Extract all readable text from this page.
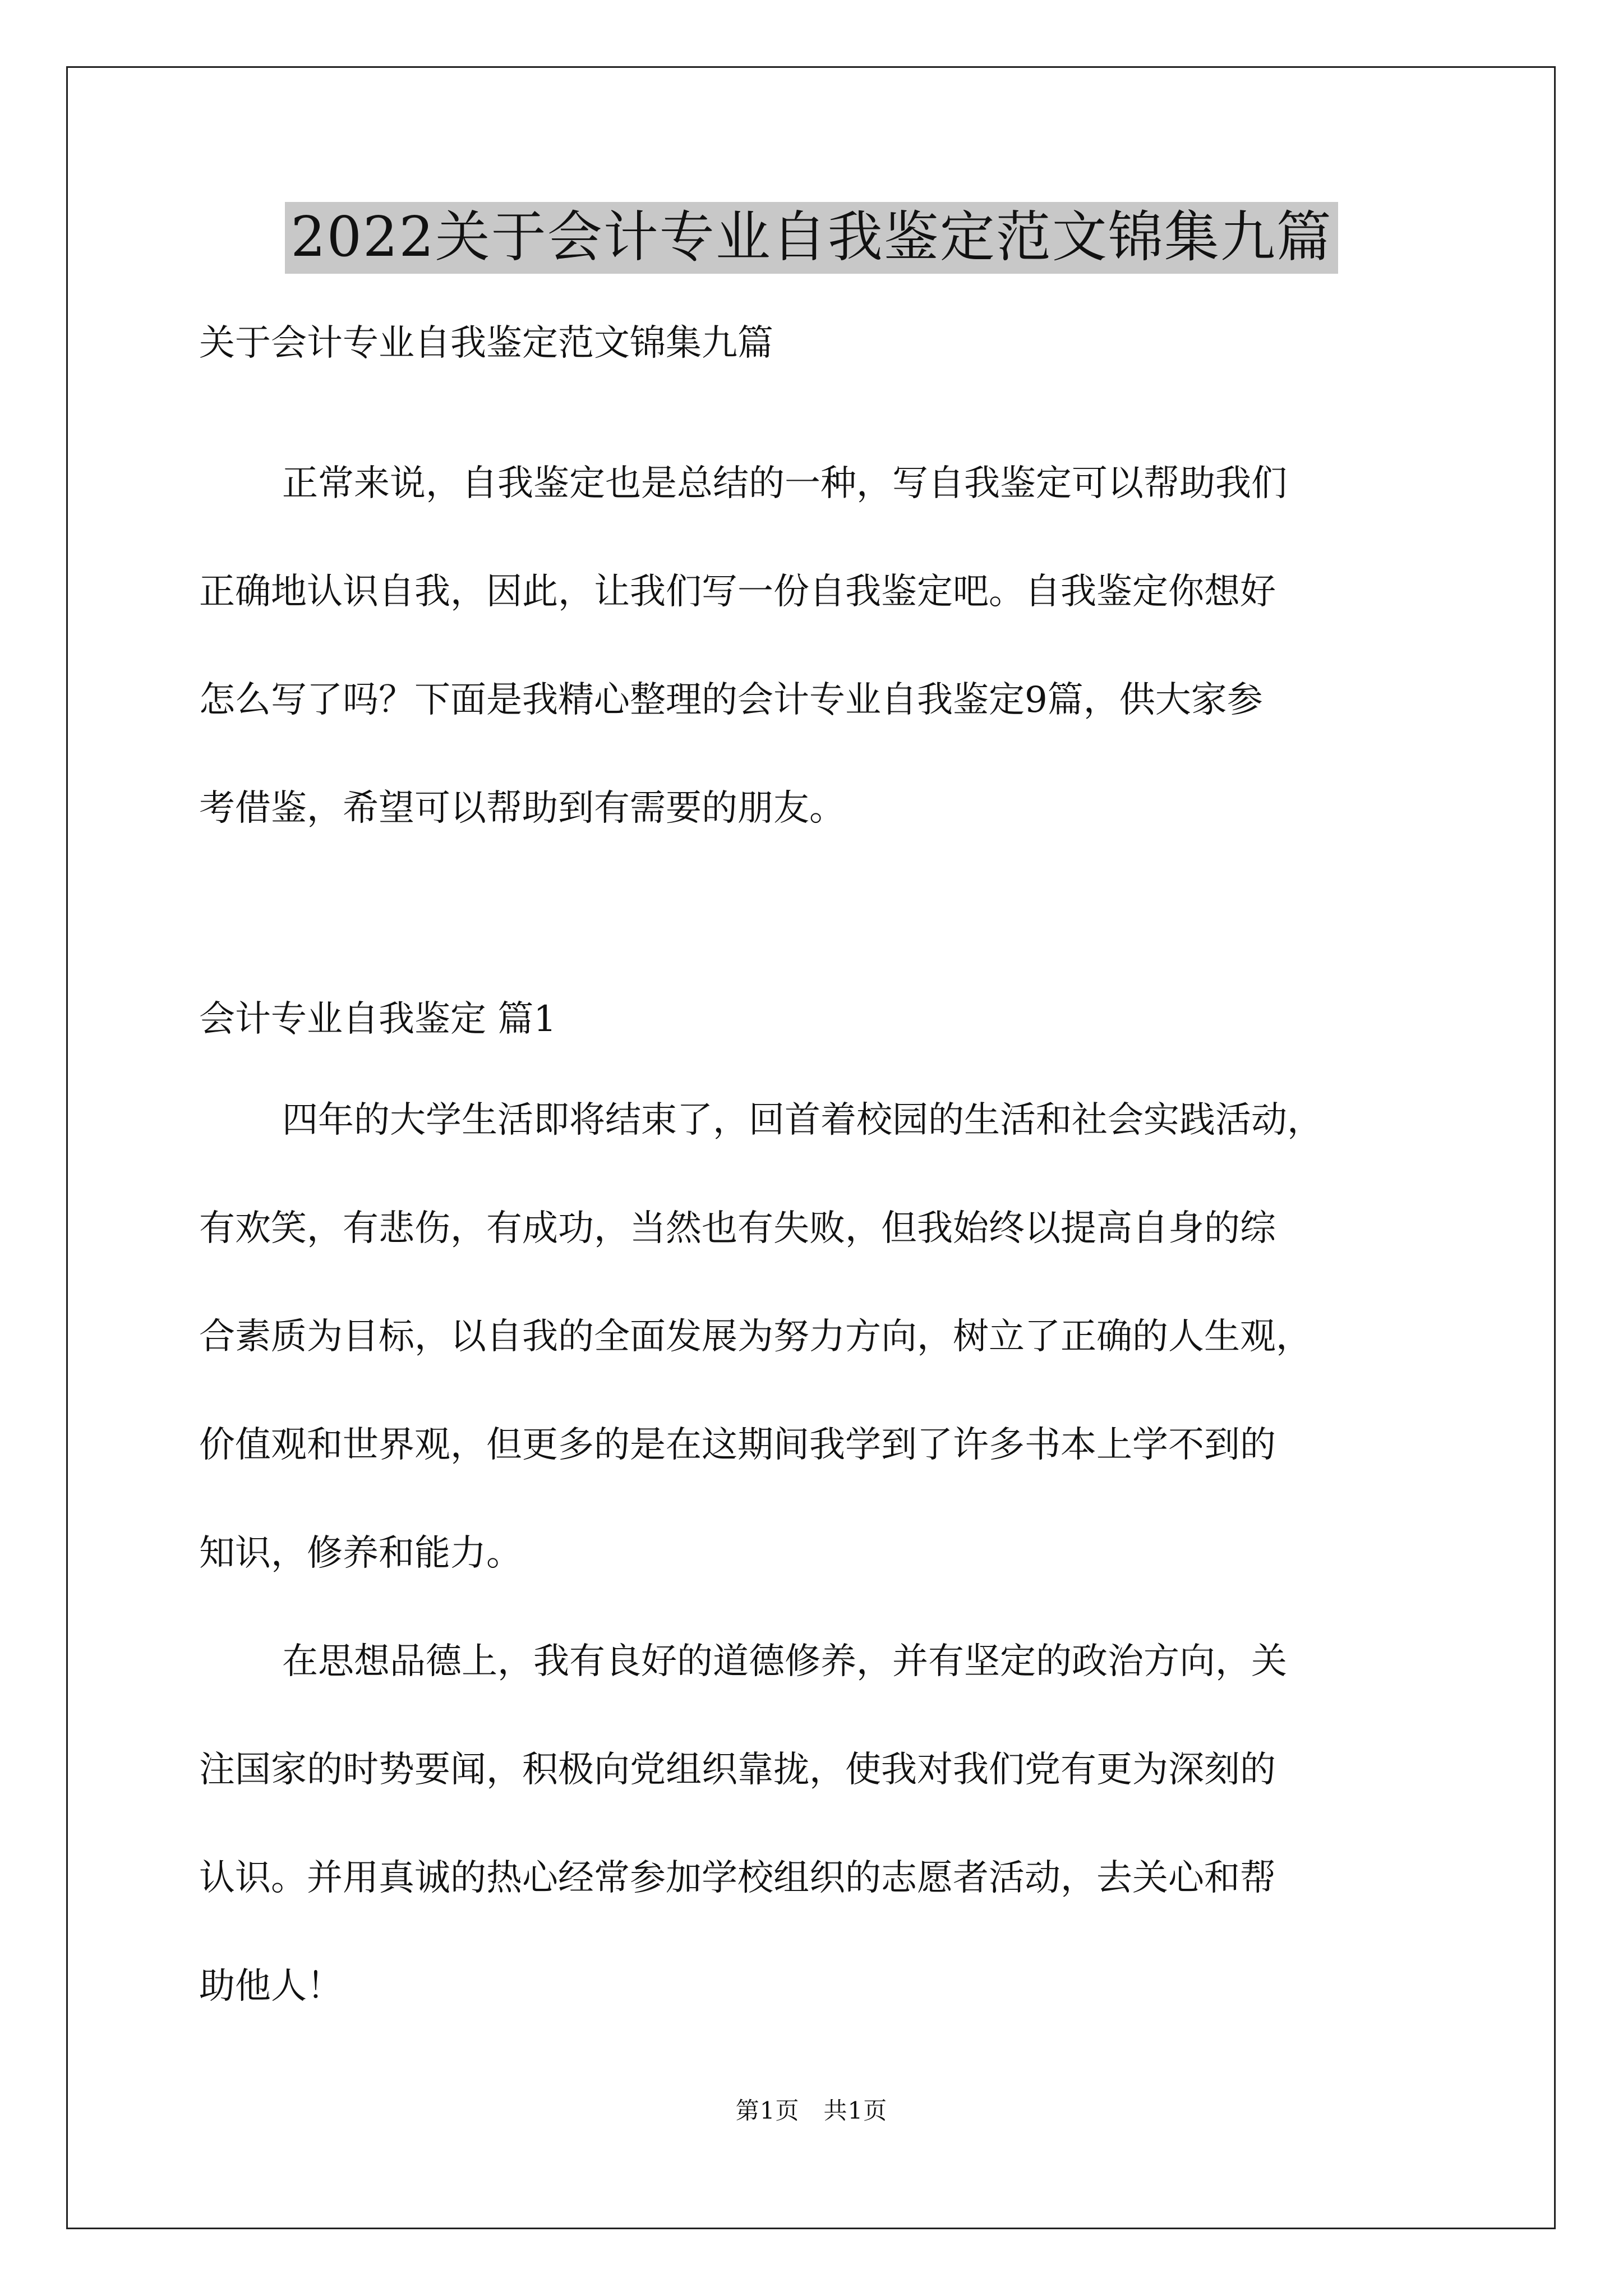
2022关于会计专业自我鉴定范文锦集九篇
关于会计专业自我鉴定范文锦集九篇
正常来说，自我鉴定也是总结的一种，写自我鉴定可以帮助我们
正确地认识自我，因此，让我们写一份自我鉴定吧。自我鉴定你想好
怎么写了吗？下面是我精心整理的会计专业自我鉴定9篇，供大家参
考借鉴，希望可以帮助到有需要的朋友。
会计专业自我鉴定 篇1
四年的大学生活即将结束了，回首着校园的生活和社会实践活动，
有欢笑，有悲伤，有成功，当然也有失败，但我始终以提高自身的综
合素质为目标，以自我的全面发展为努力方向，树立了正确的人生观，
价值观和世界观，但更多的是在这期间我学到了许多书本上学不到的
知识，修养和能力。
在思想品德上，我有良好的道德修养，并有坚定的政治方向，关
注国家的时势要闻，积极向党组织靠拢，使我对我们党有更为深刻的
认识。并用真诚的热心经常参加学校组织的志愿者活动，去关心和帮
助他人！
第1页　共1页
